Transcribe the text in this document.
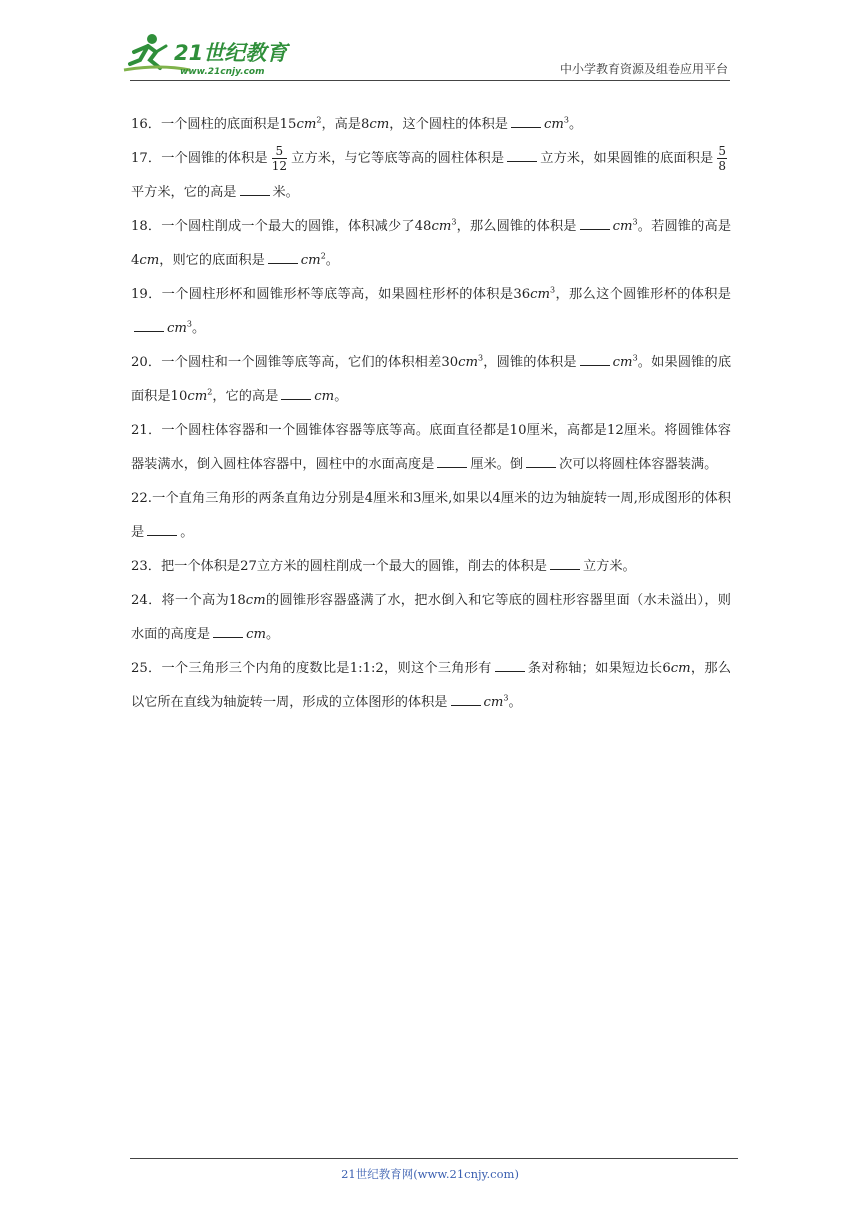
21世纪教育
www.21cnjy.com	中小学教育资源及组卷应用平台

16．一个圆柱的底面积是$15cm^2$，高是8cm，这个圆柱的体积是	$cm^3$。

17．一个圆锥的体积是 $\frac{5}{12}$ 立方米，与它等底等高的圆柱体积是	立方米，如果圆锥的底面积是 $\frac{5}{8}$
平方米，它的高是	米。

18．一个圆柱削成一个最大的圆锥，体积减少了$48cm^3$，那么圆锥的体积是	$cm^3$。若圆锥的高是4cm，则它的底面积是	$cm^2$。

19．一个圆柱形杯和圆锥形杯等底等高，如果圆柱形杯的体积是$36cm^3$，那么这个圆锥形杯的体积是$cm^3$。

20．一个圆柱和一个圆锥等底等高，它们的体积相差$30cm^3$，圆锥的体积是	$cm^3$。如果圆锥的底面积是$10cm^2$，它的高是	cm。

21．一个圆柱体容器和一个圆锥体容器等底等高。底面直径都是10厘米，高都是12厘米。将圆锥体容器装满水，倒入圆柱体容器中，圆柱中的水面高度是	厘米。倒	次可以将圆柱体容器装满。

22.一个直角三角形的两条直角边分别是4厘米和3厘米,如果以4厘米的边为轴旋转一周,形成图形的体积是	。

23．把一个体积是27立方米的圆柱削成一个最大的圆锥，削去的体积是	立方米。

24．将一个高为18cm的圆锥形容器盛满了水，把水倒入和它等底的圆柱形容器里面（水未溢出），则水面的高度是	cm。

25．一个三角形三个内角的度数比是1:1:2，则这个三角形有	条对称轴；如果短边长6cm，那么以它所在直线为轴旋转一周，形成的立体图形的体积是	$cm^3$。

21世纪教育网(www.21cnjy.com)
